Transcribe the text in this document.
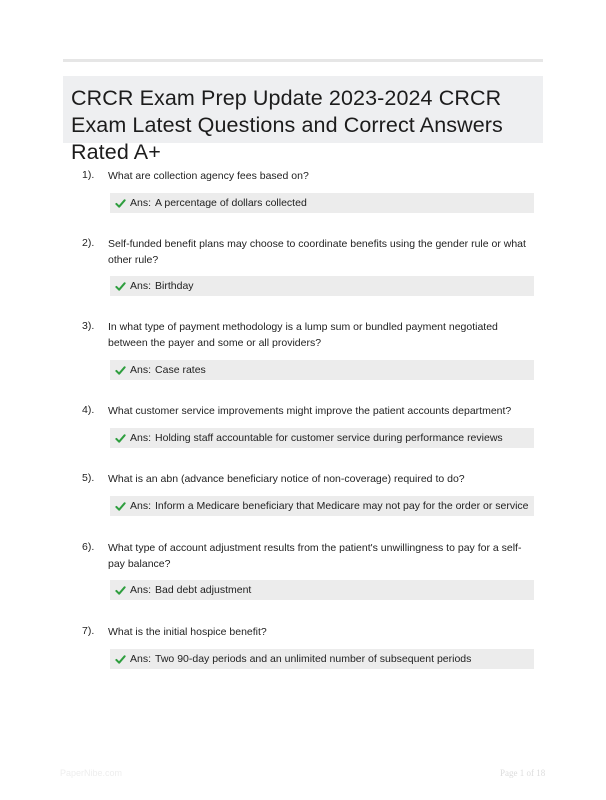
CRCR Exam Prep Update 2023-2024 CRCR Exam Latest Questions and Correct Answers Rated A+
1). What are collection agency fees based on?

Ans: A percentage of dollars collected
2). Self-funded benefit plans may choose to coordinate benefits using the gender rule or what other rule?

Ans: Birthday
3). In what type of payment methodology is a lump sum or bundled payment negotiated between the payer and some or all providers?

Ans: Case rates
4). What customer service improvements might improve the patient accounts department?

Ans: Holding staff accountable for customer service during performance reviews
5). What is an abn (advance beneficiary notice of non-coverage) required to do?

Ans: Inform a Medicare beneficiary that Medicare may not pay for the order or service
6). What type of account adjustment results from the patient's unwillingness to pay for a self-pay balance?

Ans: Bad debt adjustment
7). What is the initial hospice benefit?

Ans: Two 90-day periods and an unlimited number of subsequent periods
PaperNibe.com	Page 1 of 18
